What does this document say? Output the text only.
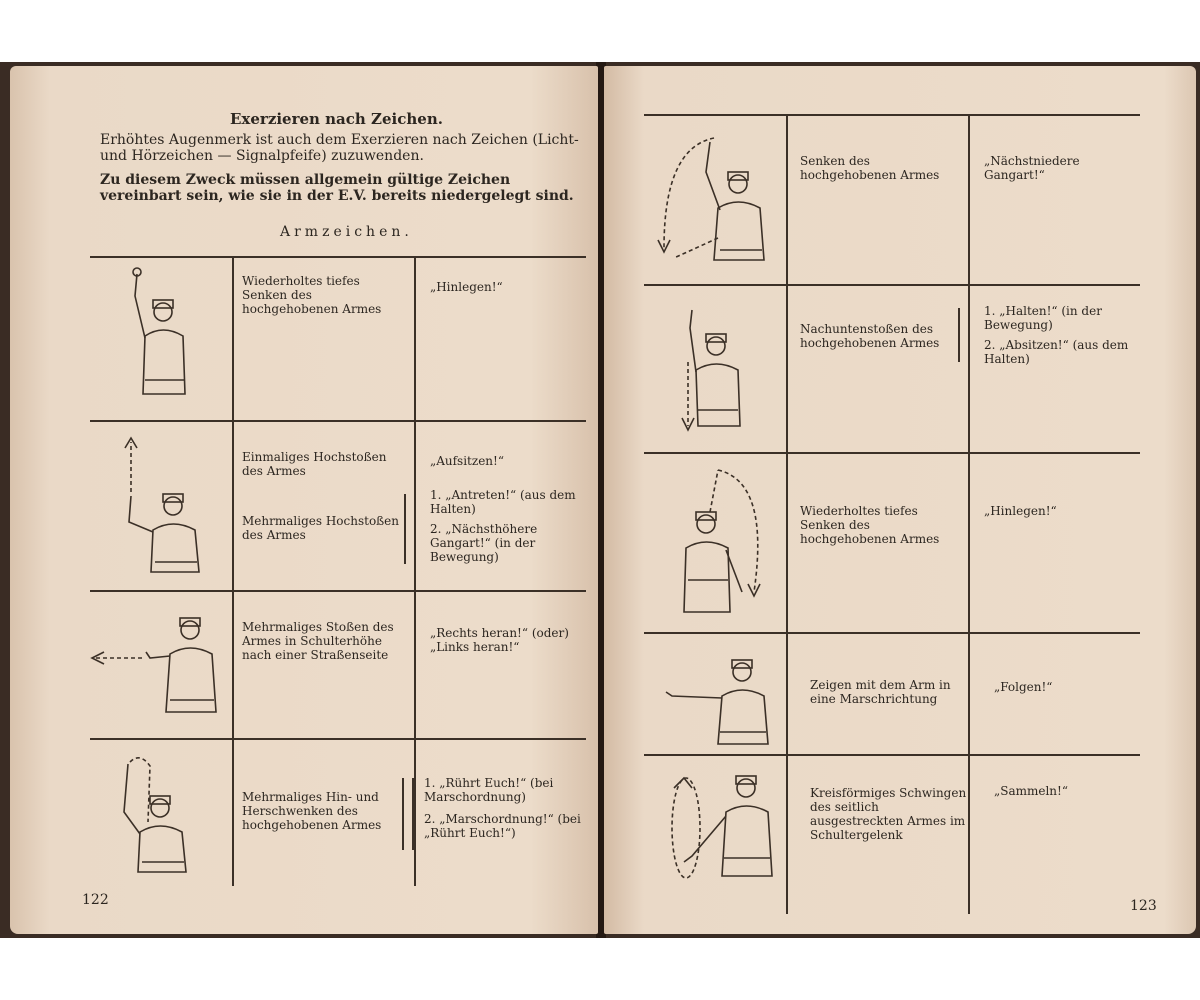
Exerzieren nach Zeichen.
Erhöhtes Augenmerk ist auch dem Exerzieren nach Zeichen (Licht- und Hörzeichen — Signalpfeife) zuzuwenden.
Zu diesem Zweck müssen allgemein gültige Zeichen vereinbart sein, wie sie in der E.V. bereits niedergelegt sind.
Armzeichen.
Wiederholtes tiefes Senken des hochgehobenen Armes
„Hinlegen!“
Einmaliges Hochstoßen des Armes
„Aufsitzen!“
Mehrmaliges Hochstoßen des Armes
1. „Antreten!“ (aus dem Halten)
2. „Nächsthöhere Gangart!“ (in der Bewegung)
Mehrmaliges Stoßen des Armes in Schulterhöhe nach einer Straßenseite
„Rechts heran!“ (oder) „Links heran!“
Mehrmaliges Hin- und Herschwenken des hochgehobenen Armes
1. „Rührt Euch!“ (bei Marschordnung)
2. „Marschordnung!“ (bei „Rührt Euch!“)
122
Senken des hochgehobenen Armes
„Nächstniedere Gangart!“
Nachuntenstoßen des hochgehobenen Armes
1. „Halten!“ (in der Bewegung)
2. „Absitzen!“ (aus dem Halten)
Wiederholtes tiefes Senken des hochgehobenen Armes
„Hinlegen!“
Zeigen mit dem Arm in eine Marschrichtung
„Folgen!“
Kreisförmiges Schwingen des seitlich ausgestreckten Armes im Schultergelenk
„Sammeln!“
123
